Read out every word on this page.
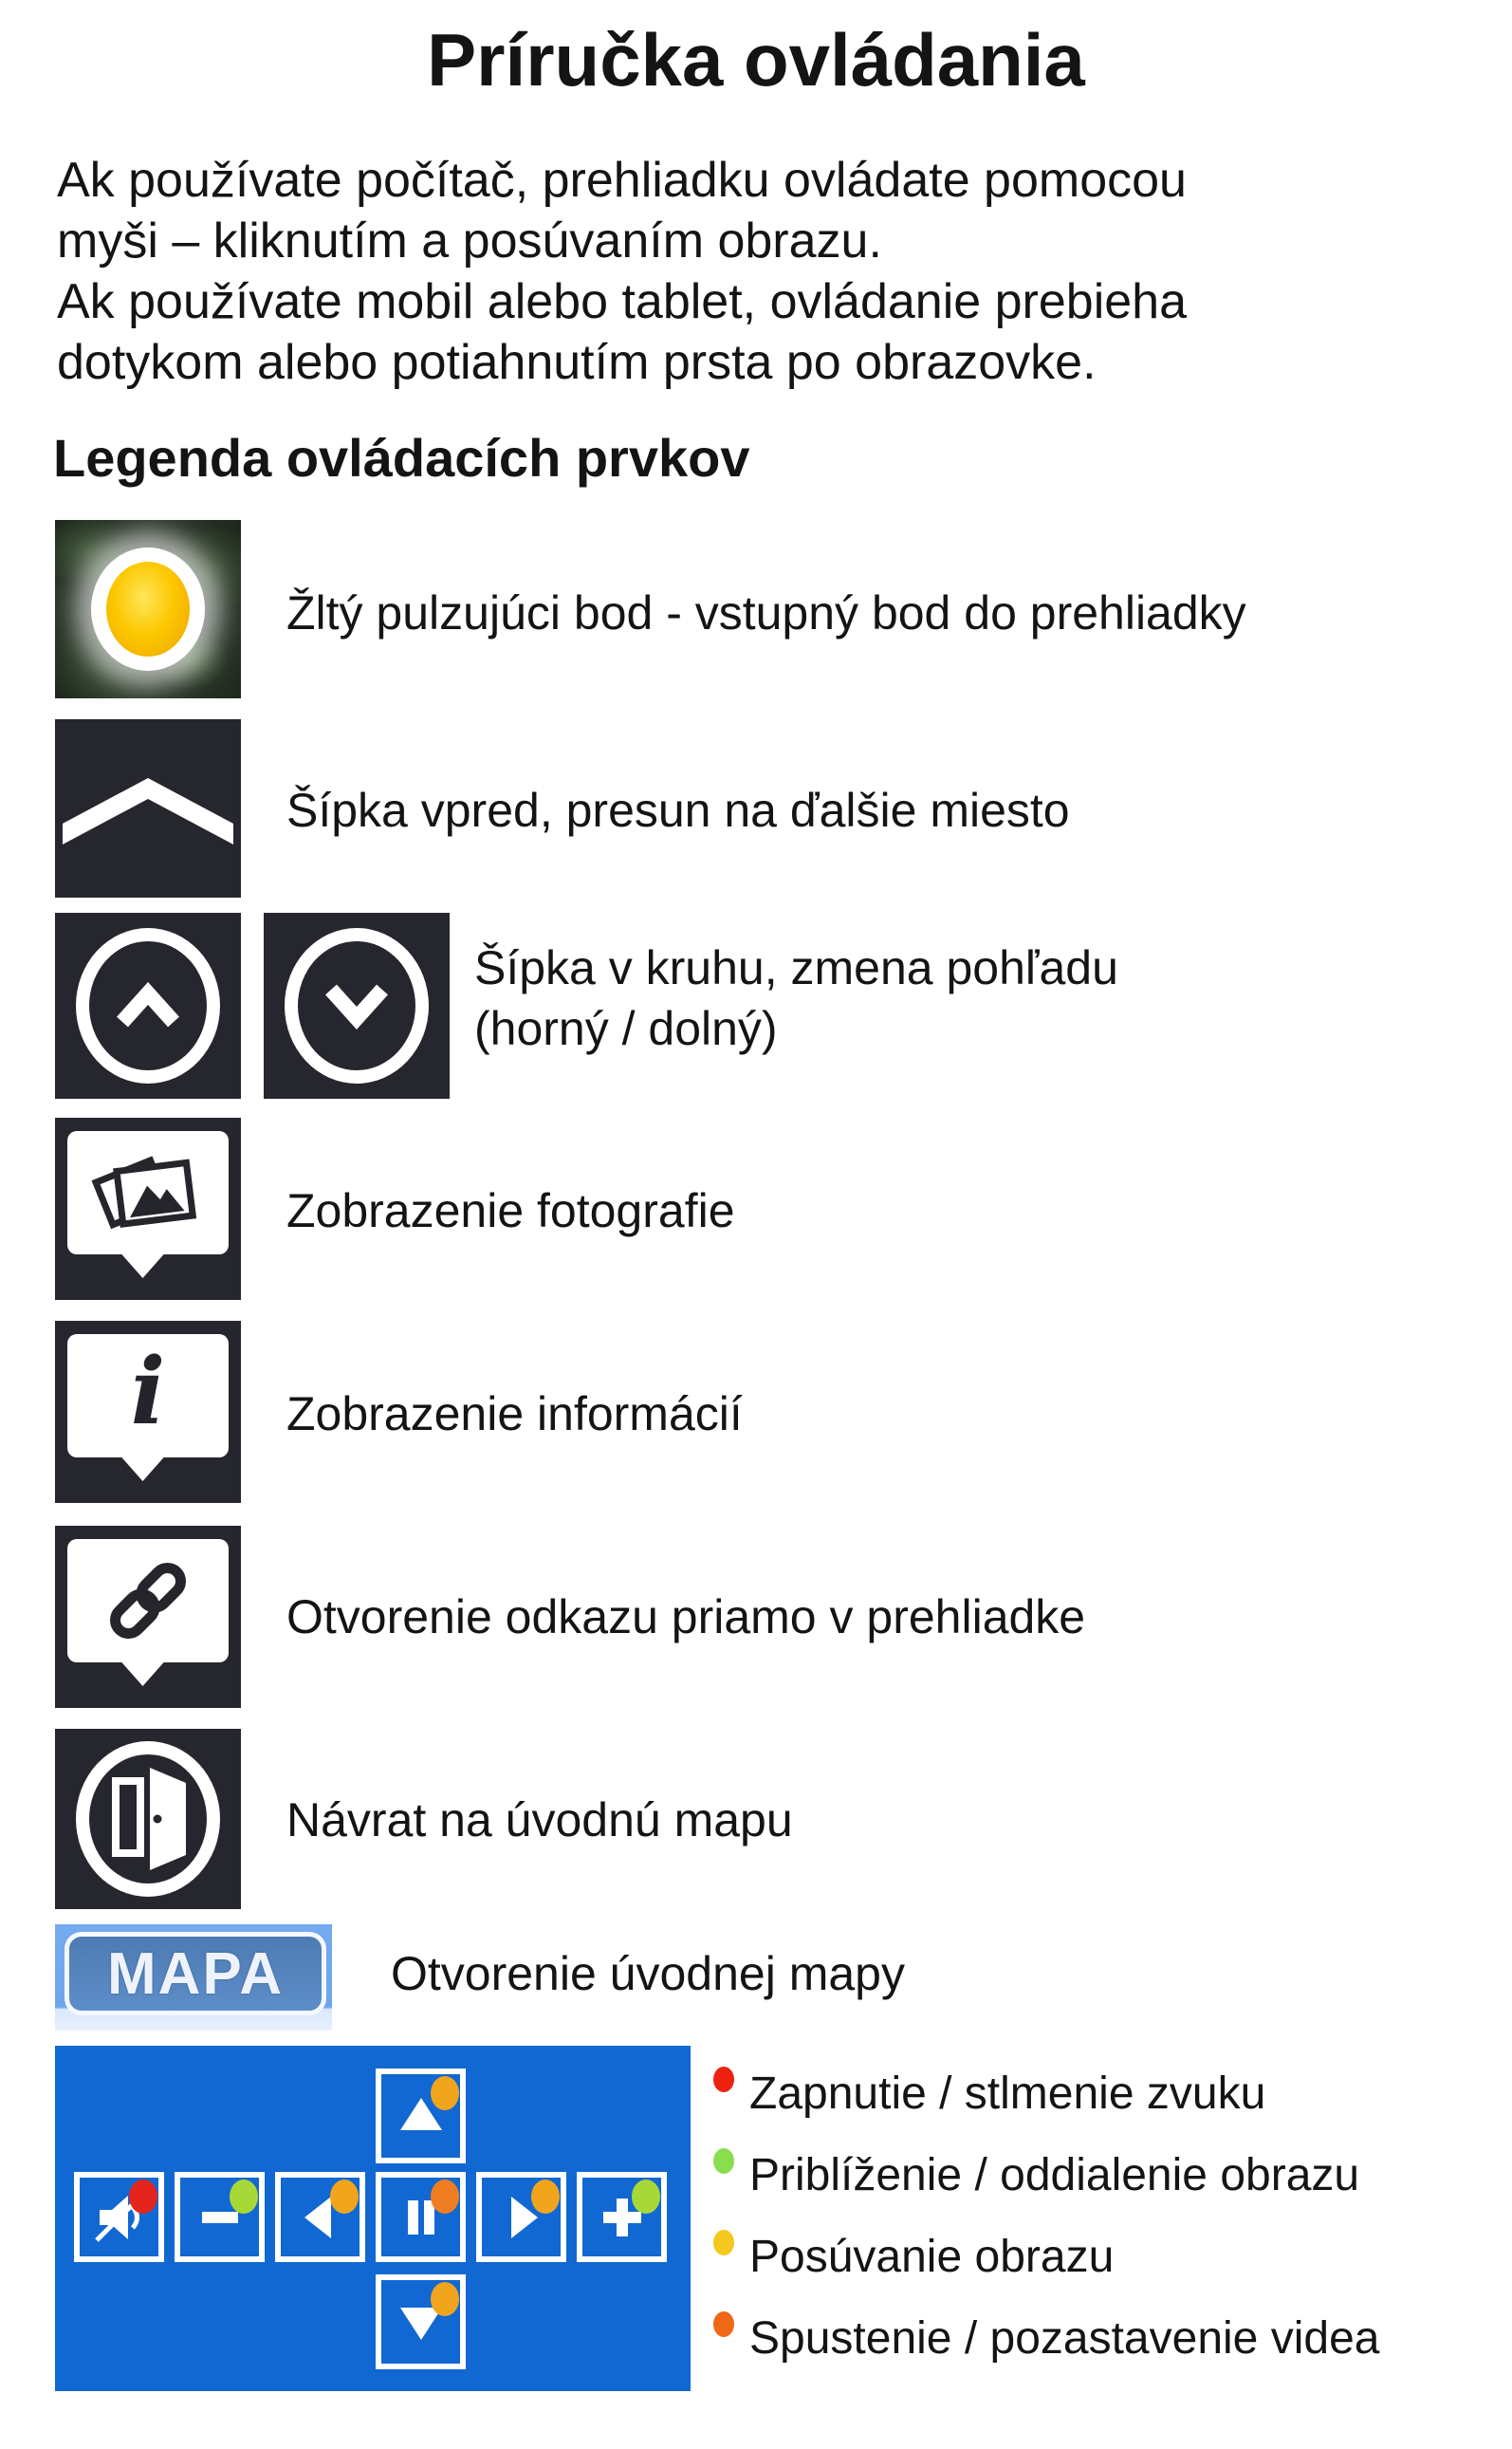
Príručka ovládania
Ak používate počítač, prehliadku ovládate pomocou
myši – kliknutím a posúvaním obrazu.
Ak používate mobil alebo tablet, ovládanie prebieha
dotykom alebo potiahnutím prsta po obrazovke.
Legenda ovládacích prvkov
Žltý pulzujúci bod - vstupný bod do prehliadky
Šípka vpred, presun na ďalšie miesto
Šípka v kruhu, zmena pohľadu
(horný / dolný)
Zobrazenie fotografie
i	Zobrazenie informácií
Otvorenie odkazu priamo v prehliadke
Návrat na úvodnú mapu
MAPA Otvorenie úvodnej mapy
Zapnutie / stlmenie zvuku
Priblíženie / oddialenie obrazu
Posúvanie obrazu
Spustenie / pozastavenie videa
